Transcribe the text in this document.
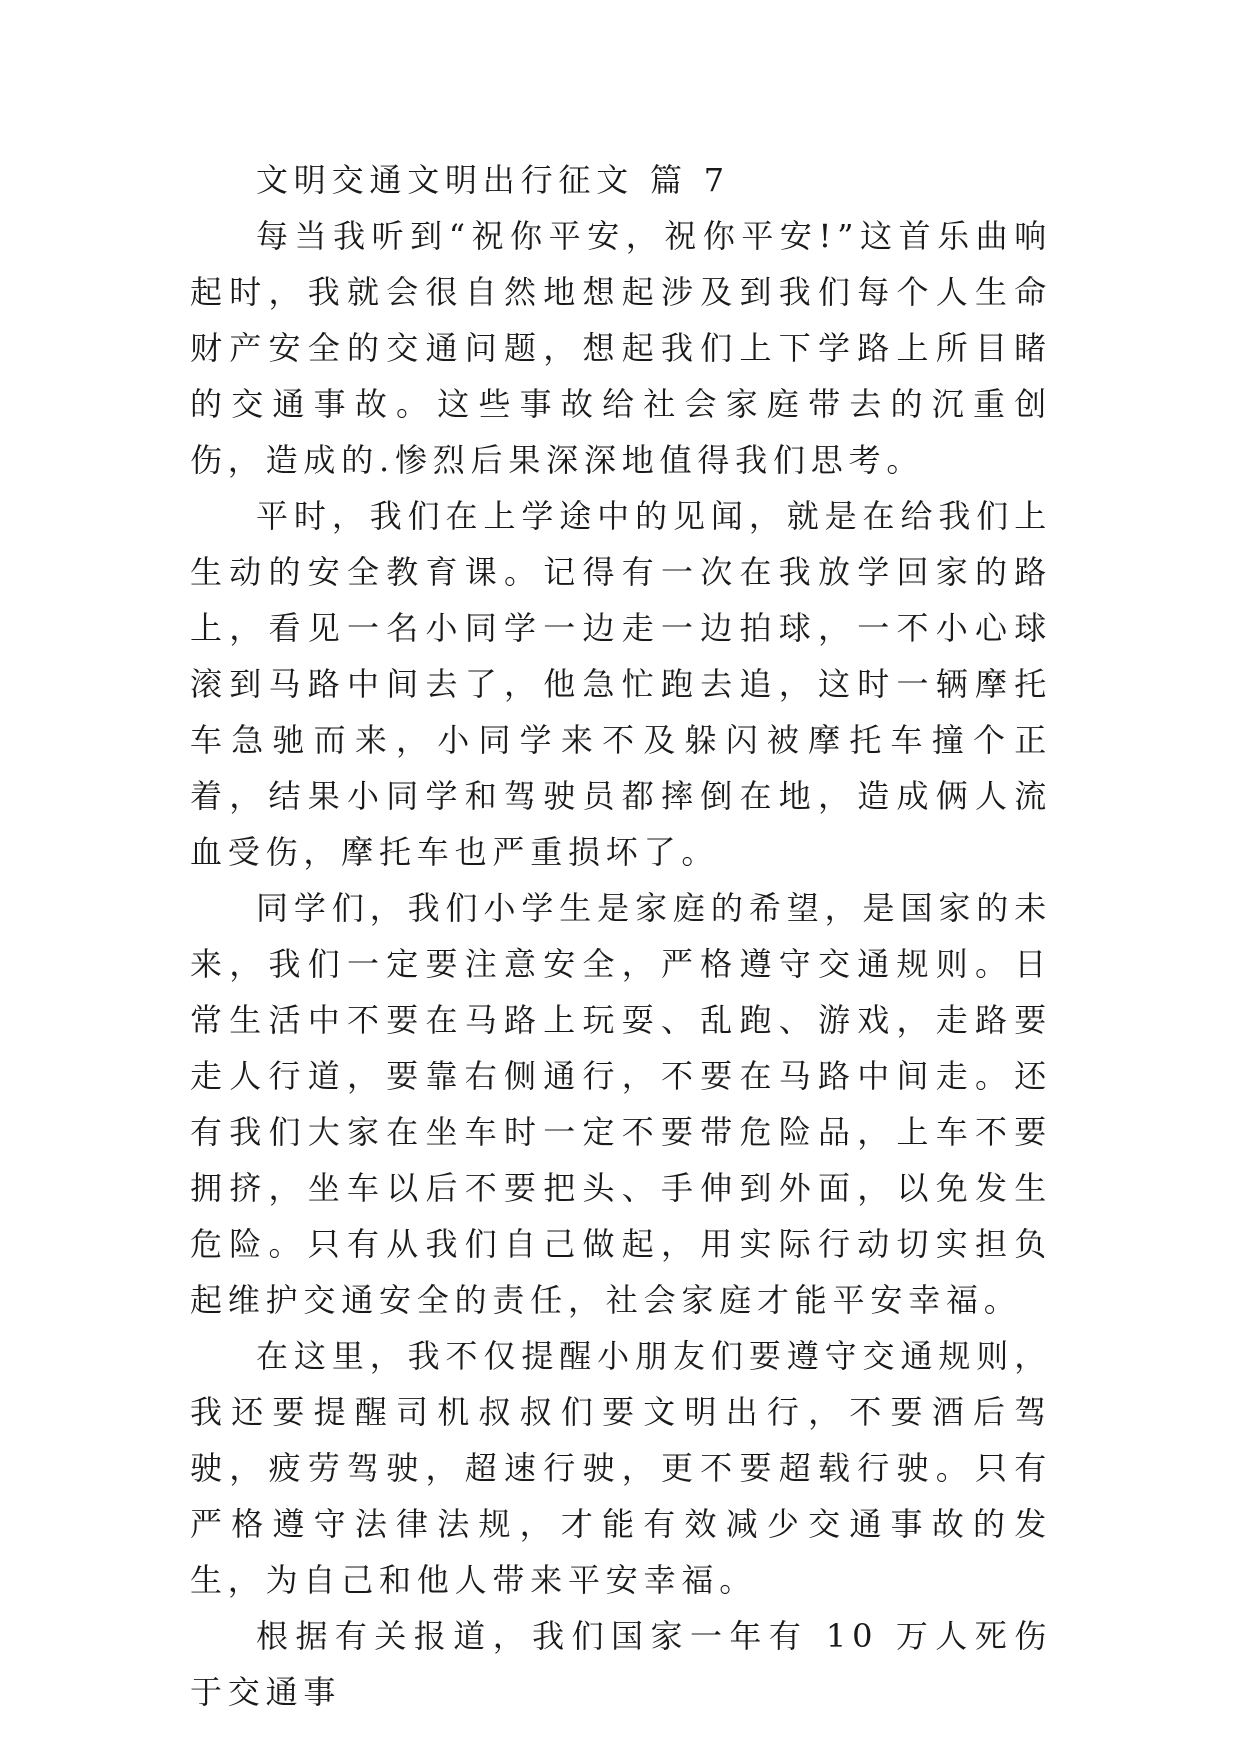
文明交通文明出行征文 篇 7

每当我听到“祝你平安，祝你平安!”这首乐曲响起时，我就会很自然地想起涉及到我们每个人生命财产安全的交通问题，想起我们上下学路上所目睹的交通事故。这些事故给社会家庭带去的沉重创伤，造成的.惨烈后果深深地值得我们思考。

平时，我们在上学途中的见闻，就是在给我们上生动的安全教育课。记得有一次在我放学回家的路上，看见一名小同学一边走一边拍球，一不小心球滚到马路中间去了，他急忙跑去追，这时一辆摩托车急驰而来，小同学来不及躲闪被摩托车撞个正着，结果小同学和驾驶员都摔倒在地，造成俩人流血受伤，摩托车也严重损坏了。

同学们，我们小学生是家庭的希望，是国家的未来，我们一定要注意安全，严格遵守交通规则。日常生活中不要在马路上玩耍、乱跑、游戏，走路要走人行道，要靠右侧通行，不要在马路中间走。还有我们大家在坐车时一定不要带危险品，上车不要拥挤，坐车以后不要把头、手伸到外面，以免发生危险。只有从我们自己做起，用实际行动切实担负起维护交通安全的责任，社会家庭才能平安幸福。

在这里，我不仅提醒小朋友们要遵守交通规则，我还要提醒司机叔叔们要文明出行，不要酒后驾驶，疲劳驾驶，超速行驶，更不要超载行驶。只有严格遵守法律法规，才能有效减少交通事故的发生，为自己和他人带来平安幸福。

根据有关报道，我们国家一年有 10 万人死伤于交通事
